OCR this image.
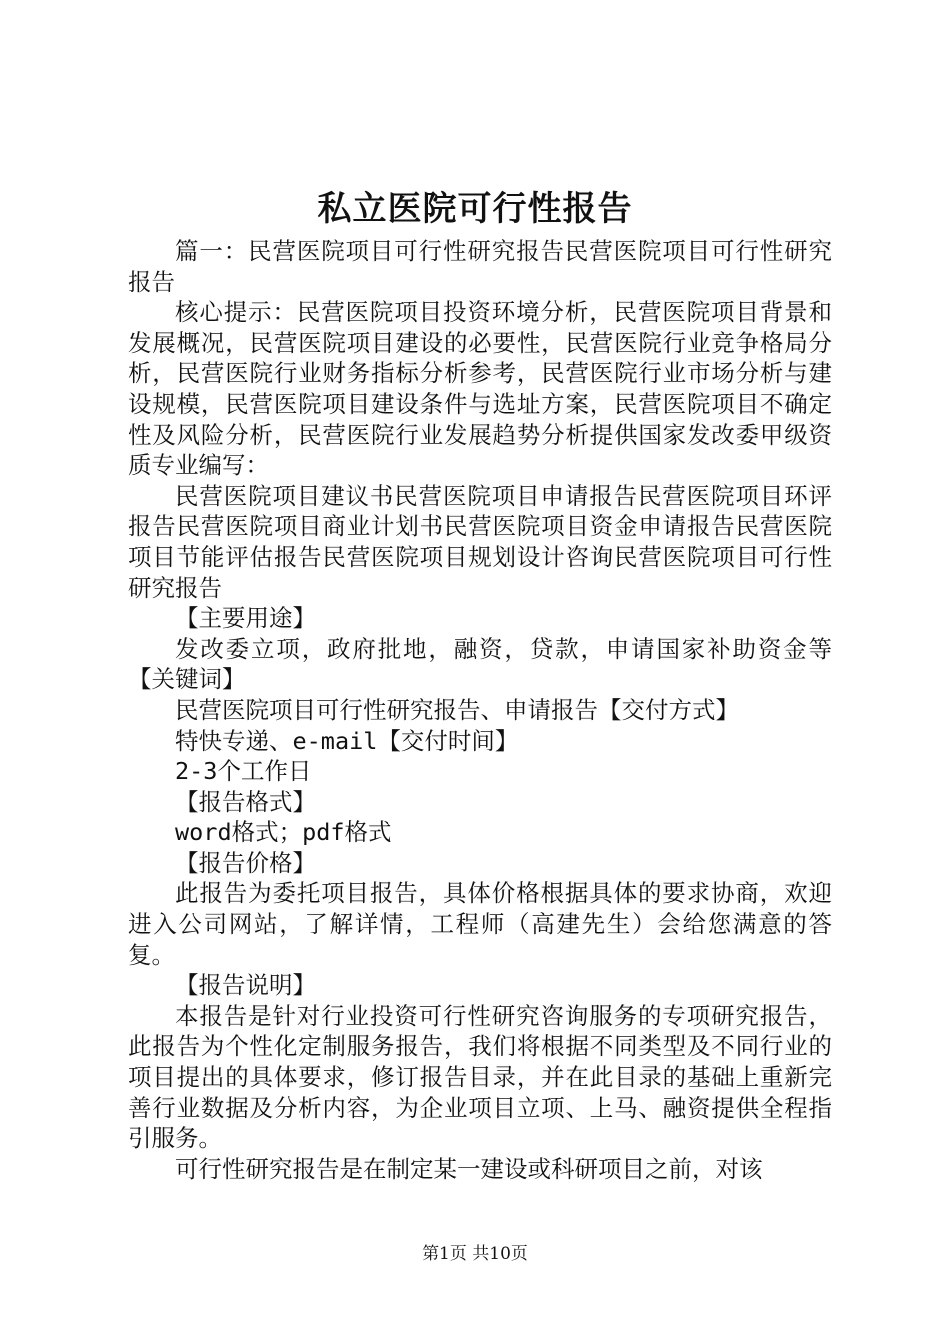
私立医院可行性报告

篇一：民营医院项目可行性研究报告民营医院项目可行性研究报告

核心提示：民营医院项目投资环境分析，民营医院项目背景和发展概况，民营医院项目建设的必要性，民营医院行业竞争格局分析，民营医院行业财务指标分析参考，民营医院行业市场分析与建设规模，民营医院项目建设条件与选址方案，民营医院项目不确定性及风险分析，民营医院行业发展趋势分析提供国家发改委甲级资质专业编写：

民营医院项目建议书民营医院项目申请报告民营医院项目环评报告民营医院项目商业计划书民营医院项目资金申请报告民营医院项目节能评估报告民营医院项目规划设计咨询民营医院项目可行性研究报告

【主要用途】

发改委立项，政府批地，融资，贷款，申请国家补助资金等【关键词】

民营医院项目可行性研究报告、申请报告【交付方式】

特快专递、e-mail【交付时间】

2-3个工作日

【报告格式】

word格式；pdf格式

【报告价格】

此报告为委托项目报告，具体价格根据具体的要求协商，欢迎进入公司网站，了解详情，工程师（高建先生）会给您满意的答复。

【报告说明】

本报告是针对行业投资可行性研究咨询服务的专项研究报告，此报告为个性化定制服务报告，我们将根据不同类型及不同行业的项目提出的具体要求，修订报告目录，并在此目录的基础上重新完善行业数据及分析内容，为企业项目立项、上马、融资提供全程指引服务。

可行性研究报告是在制定某一建设或科研项目之前，对该

第1页 共10页
